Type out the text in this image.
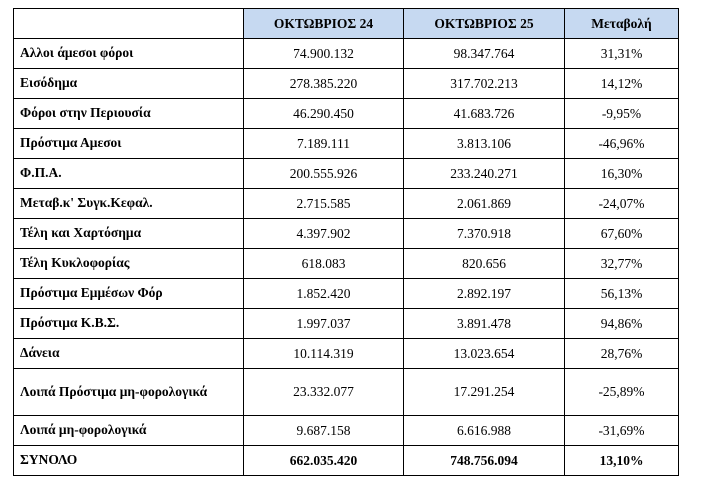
	ΟΚΤΩΒΡΙΟΣ 24	ΟΚΤΩΒΡΙΟΣ 25	Μεταβολή
Αλλοι άμεσοι φόροι	74.900.132	98.347.764	31,31%
Εισόδημα	278.385.220	317.702.213	14,12%
Φόροι στην Περιουσία	46.290.450	41.683.726	-9,95%
Πρόστιμα Αμεσοι	7.189.111	3.813.106	-46,96%
Φ.Π.Α.	200.555.926	233.240.271	16,30%
Μεταβ.κ' Συγκ.Κεφαλ.	2.715.585	2.061.869	-24,07%
Τέλη και Χαρτόσημα	4.397.902	7.370.918	67,60%
Τέλη Κυκλοφορίας	618.083	820.656	32,77%
Πρόστιμα Εμμέσων Φόρ	1.852.420	2.892.197	56,13%
Πρόστιμα Κ.Β.Σ.	1.997.037	3.891.478	94,86%
Δάνεια	10.114.319	13.023.654	28,76%
Λοιπά Πρόστιμα μη-φορολογικά	23.332.077	17.291.254	-25,89%
Λοιπά μη-φορολογικά	9.687.158	6.616.988	-31,69%
ΣΥΝΟΛΟ	662.035.420	748.756.094	13,10%
